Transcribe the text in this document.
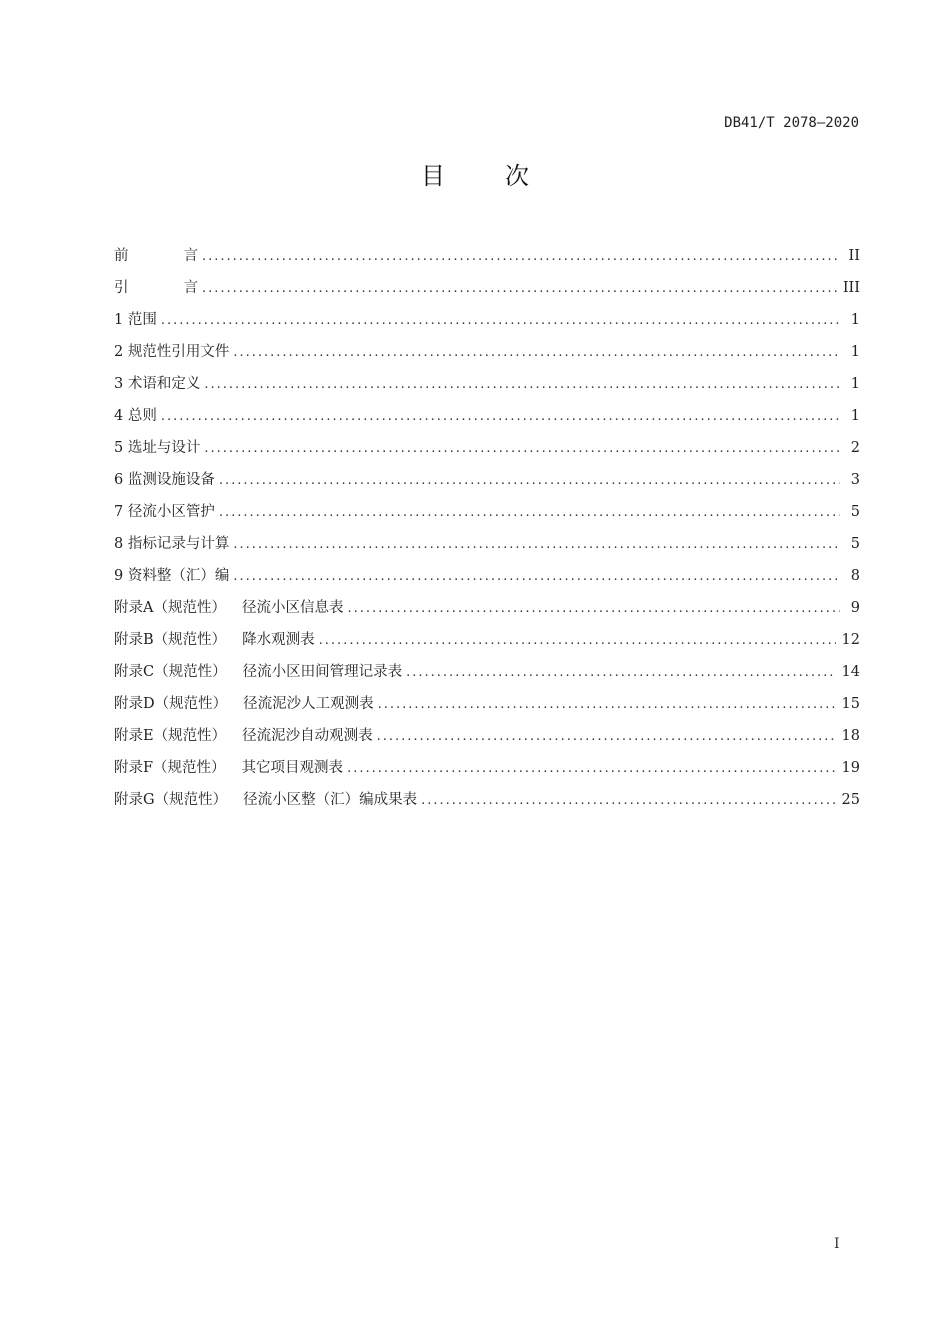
DB41/T 2078—2020
目	次
前	言 .....	II
引	言 .....	III
1 范围 .....	1
2 规范性引用文件 .....	1
3 术语和定义 .....	1
4 总则 .....	1
5 选址与设计 .....	2
6 监测设施设备 .....	3
7 径流小区管护 .....	5
8 指标记录与计算 .....	5
9 资料整（汇）编 .....	8
附录A（规范性） 径流小区信息表 .....	9
附录B（规范性） 降水观测表 .....	12
附录C（规范性） 径流小区田间管理记录表 .....	14
附录D（规范性） 径流泥沙人工观测表 .....	15
附录E（规范性） 径流泥沙自动观测表 .....	18
附录F（规范性） 其它项目观测表 .....	19
附录G（规范性） 径流小区整（汇）编成果表 .....	25
I
